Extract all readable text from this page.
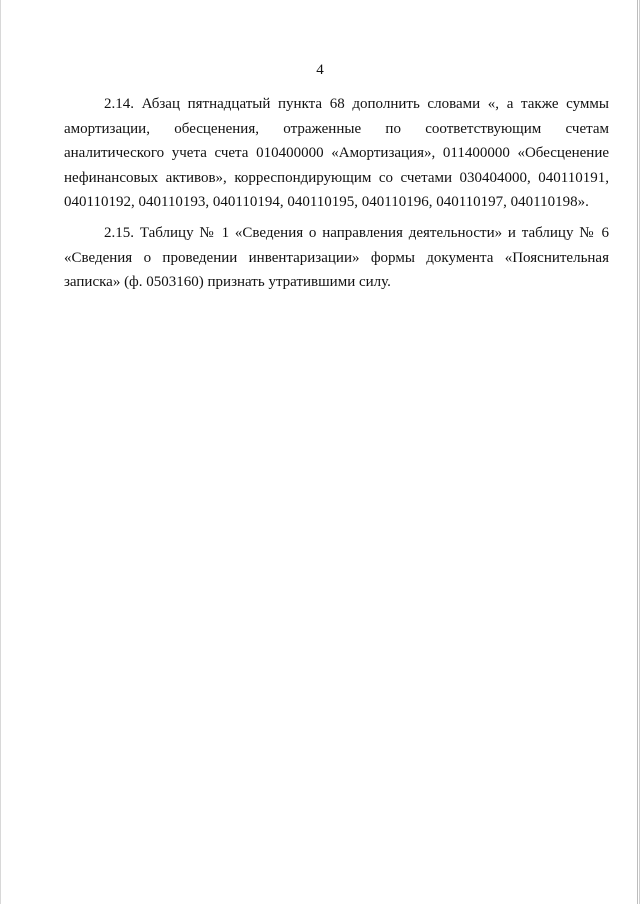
4
2.14. Абзац пятнадцатый пункта 68 дополнить словами «, а также суммы
амортизации, обесценения, отраженные по соответствующим счетам
аналитического учета счета 010400000 «Амортизация», 011400000 «Обесценение
нефинансовых активов», корреспондирующим со счетами 030404000, 040110191,
040110192, 040110193, 040110194, 040110195, 040110196, 040110197, 040110198».
2.15. Таблицу № 1 «Сведения о направления деятельности» и таблицу № 6
«Сведения о проведении инвентаризации» формы документа «Пояснительная
записка» (ф. 0503160) признать утратившими силу.
